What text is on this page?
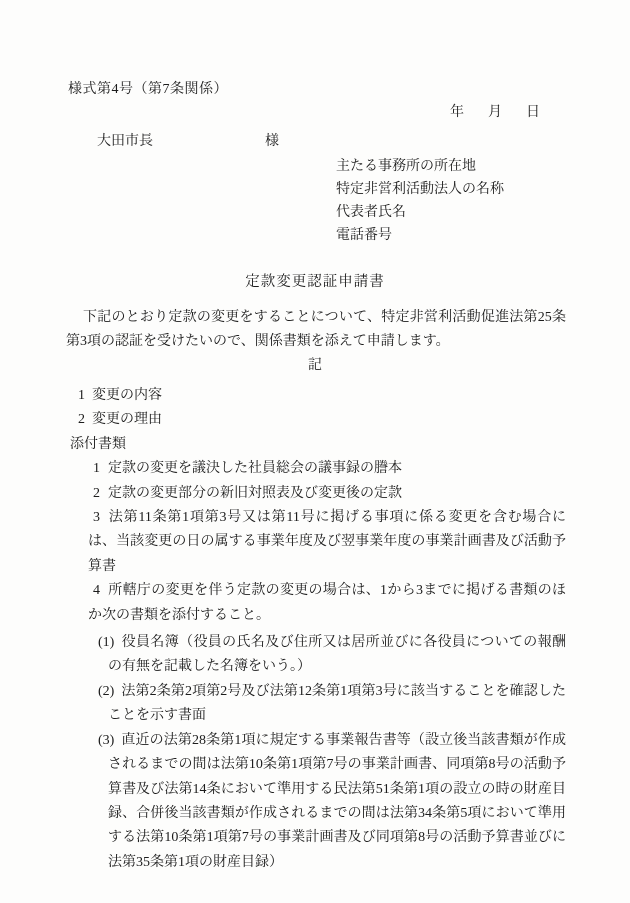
様式第4号（第7条関係）
年 月 日
大田市長	様
主たる事務所の所在地
特定非営利活動法人の名称
代表者氏名
電話番号
定款変更認証申請書
下記のとおり定款の変更をすることについて、特定非営利活動促進法第25条第3項の認証を受けたいので、関係書類を添えて申請します。
記
1 変更の内容
2 変更の理由
添付書類
1 定款の変更を議決した社員総会の議事録の謄本
2 定款の変更部分の新旧対照表及び変更後の定款
3 法第11条第1項第3号又は第11号に掲げる事項に係る変更を含む場合には、当該変更の日の属する事業年度及び翌事業年度の事業計画書及び活動予算書
4 所轄庁の変更を伴う定款の変更の場合は、1から3までに掲げる書類のほか次の書類を添付すること。
(1) 役員名簿（役員の氏名及び住所又は居所並びに各役員についての報酬の有無を記載した名簿をいう。）
(2) 法第2条第2項第2号及び法第12条第1項第3号に該当することを確認したことを示す書面
(3) 直近の法第28条第1項に規定する事業報告書等（設立後当該書類が作成されるまでの間は法第10条第1項第7号の事業計画書、同項第8号の活動予算書及び法第14条において準用する民法第51条第1項の設立の時の財産目録、合併後当該書類が作成されるまでの間は法第34条第5項において準用する法第10条第1項第7号の事業計画書及び同項第8号の活動予算書並びに法第35条第1項の財産目録）
